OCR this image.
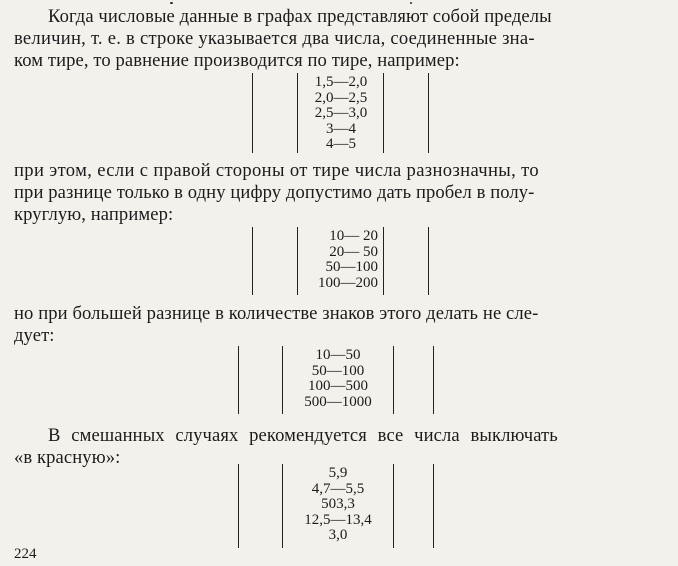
Когда числовые данные в графах представляют собой пределы
величин, т. е. в строке указывается два числа, соединенные зна-
ком тире, то равнение производится по тире, например:
1,5—2,0
2,0—2,5
2,5—3,0
3—4
4—5
при этом, если с правой стороны от тире числа разнозначны, то
при разнице только в одну цифру допустимо дать пробел в полу-
круглую, например:
10— 20
20— 50
50—100
100—200
но при большей разнице в количестве знаков этого делать не сле-
дует:
10—50
50—100
100—500
500—1000
В смешанных случаях рекомендуется все числа выключать
«в красную»:
5,9
4,7—5,5
503,3
12,5—13,4
3,0
224
